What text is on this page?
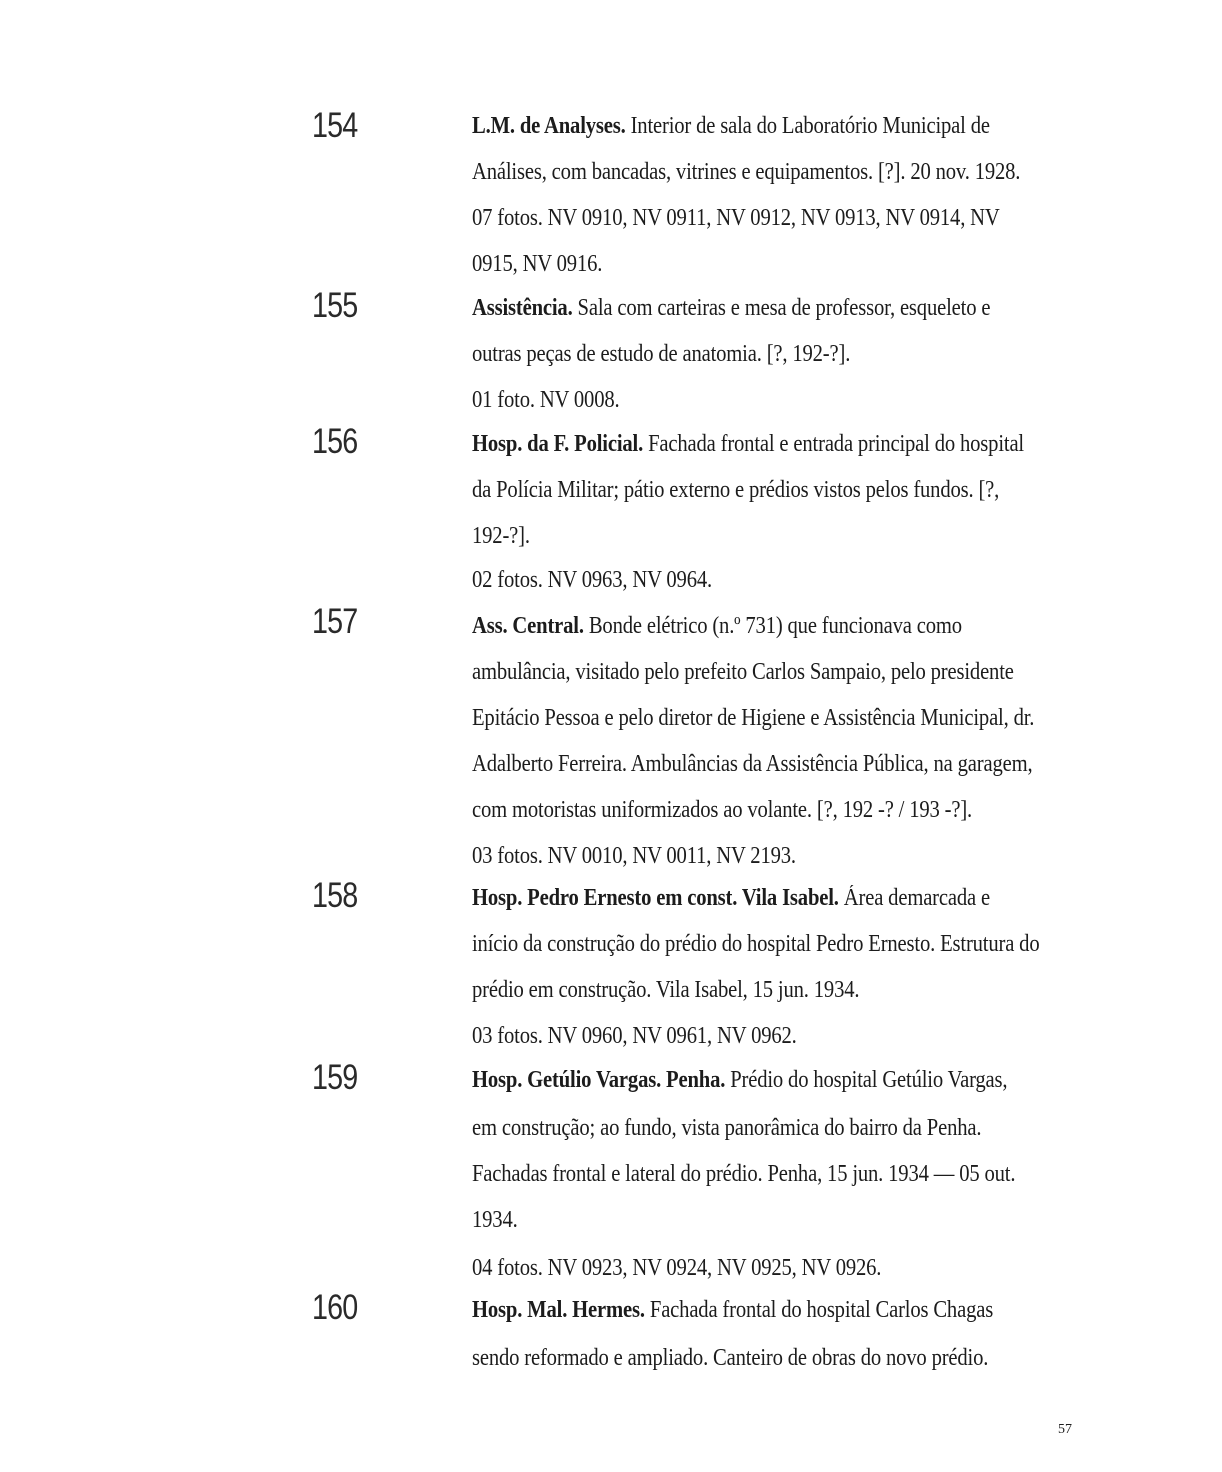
154	L.M. de Analyses. Interior de sala do Laboratório Municipal de
Análises, com bancadas, vitrines e equipamentos. [?]. 20 nov. 1928.
07 fotos. NV 0910, NV 0911, NV 0912, NV 0913, NV 0914, NV
0915, NV 0916.
155	Assistência. Sala com carteiras e mesa de professor, esqueleto e
outras peças de estudo de anatomia. [?, 192-?].
01 foto. NV 0008.
156	Hosp. da F. Policial. Fachada frontal e entrada principal do hospital
da Polícia Militar; pátio externo e prédios vistos pelos fundos. [?,
192-?].
02 fotos. NV 0963, NV 0964.
157	Ass. Central. Bonde elétrico (n.º 731) que funcionava como
ambulância, visitado pelo prefeito Carlos Sampaio, pelo presidente
Epitácio Pessoa e pelo diretor de Higiene e Assistência Municipal, dr.
Adalberto Ferreira. Ambulâncias da Assistência Pública, na garagem,
com motoristas uniformizados ao volante. [?, 192 -? / 193 -?].
03 fotos. NV 0010, NV 0011, NV 2193.
158	Hosp. Pedro Ernesto em const. Vila Isabel. Área demarcada e
início da construção do prédio do hospital Pedro Ernesto. Estrutura do
prédio em construção. Vila Isabel, 15 jun. 1934.
03 fotos. NV 0960, NV 0961, NV 0962.
159	Hosp. Getúlio Vargas. Penha. Prédio do hospital Getúlio Vargas,
em construção; ao fundo, vista panorâmica do bairro da Penha.
Fachadas frontal e lateral do prédio. Penha, 15 jun. 1934 — 05 out.
1934.
04 fotos. NV 0923, NV 0924, NV 0925, NV 0926.
160	Hosp. Mal. Hermes. Fachada frontal do hospital Carlos Chagas
sendo reformado e ampliado. Canteiro de obras do novo prédio.
57
